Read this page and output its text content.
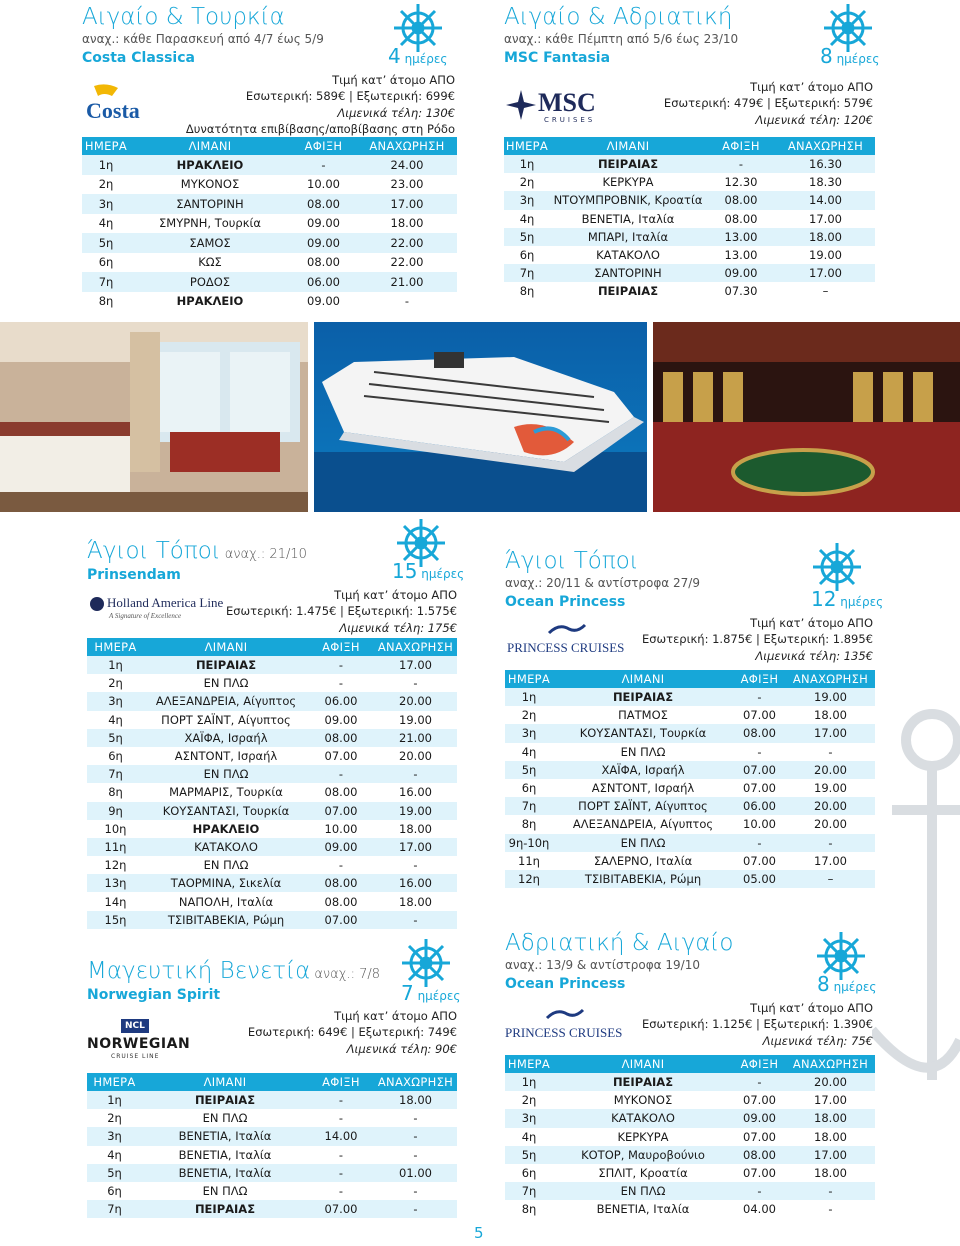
Αιγαίο & Τουρκία
αναχ.: κάθε Παρασκευή από 4/7 έως 5/9
Costa Classica	4 ημέρες
Costa
Τιμή κατ’ άτομο ΑΠΟ
Εσωτερική: 589€ | Εξωτερική: 699€
Λιμενικά τέλη: 130€
Δυνατότητα επιβίβασης/αποβίβασης στη Ρόδο
ΗΜΕΡΑ	ΛΙΜΑΝΙ	ΑΦΙΞΗ	ΑΝΑΧΩΡΗΣΗ
1η	ΗΡΑΚΛΕΙΟ	-	24.00
2η	ΜΥΚΟΝΟΣ	10.00	23.00
3η	ΣΑΝΤΟΡΙΝΗ	08.00	17.00
4η	ΣΜΥΡΝΗ, Τουρκία	09.00	18.00
5η	ΣΑΜΟΣ	09.00	22.00
6η	ΚΩΣ	08.00	22.00
7η	ΡΟΔΟΣ	06.00	21.00
8η	ΗΡΑΚΛΕΙΟ	09.00	-
Αιγαίο & Αδριατική
αναχ.: κάθε Πέμπτη από 5/6 έως 23/10
MSC Fantasia	8 ημέρες
MSC
CRUISES
Τιμή κατ’ άτομο ΑΠΟ
Εσωτερική: 479€ | Εξωτερική: 579€
Λιμενικά τέλη: 120€
ΗΜΕΡΑ	ΛΙΜΑΝΙ	ΑΦΙΞΗ	ΑΝΑΧΩΡΗΣΗ
1η	ΠΕΙΡΑΙΑΣ	-	16.30
2η	ΚΕΡΚΥΡΑ	12.30	18.30
3η	ΝΤΟΥΜΠΡΟΒΝΙΚ, Κροατία	08.00	14.00
4η	ΒΕΝΕΤΙΑ, Ιταλία	08.00	17.00
5η	ΜΠΑΡΙ, Ιταλία	13.00	18.00
6η	ΚΑΤΑΚΟΛΟ	13.00	19.00
7η	ΣΑΝΤΟΡΙΝΗ	09.00	17.00
8η	ΠΕΙΡΑΙΑΣ	07.30	–
Άγιοι Τόποι αναχ.: 21/10
Prinsendam	15 ημέρες
Holland America Line
A Signature of Excellence
Τιμή κατ’ άτομο ΑΠΟ
Εσωτερική: 1.475€ | Εξωτερική: 1.575€
Λιμενικά τέλη: 175€
ΗΜΕΡΑ	ΛΙΜΑΝΙ	ΑΦΙΞΗ	ΑΝΑΧΩΡΗΣΗ
1η	ΠΕΙΡΑΙΑΣ	-	17.00
2η	ΕΝ ΠΛΩ	-	-
3η	ΑΛΕΞΑΝΔΡΕΙΑ, Αίγυπτος	06.00	20.00
4η	ΠΟΡΤ ΣΑΪΝΤ, Αίγυπτος	09.00	19.00
5η	ΧΑΪΦΑ, Ισραήλ	08.00	21.00
6η	ΑΣΝΤΟΝΤ, Ισραήλ	07.00	20.00
7η	ΕΝ ΠΛΩ	-	-
8η	ΜΑΡΜΑΡΙΣ, Τουρκία	08.00	16.00
9η	ΚΟΥΣΑΝΤΑΣΙ, Τουρκία	07.00	19.00
10η	ΗΡΑΚΛΕΙΟ	10.00	18.00
11η	ΚΑΤΑΚΟΛΟ	09.00	17.00
12η	ΕΝ ΠΛΩ	-	-
13η	ΤΑΟΡΜΙΝΑ, Σικελία	08.00	16.00
14η	ΝΑΠΟΛΗ, Ιταλία	08.00	18.00
15η	ΤΣΙΒΙΤΑΒΕΚΙΑ, Ρώμη	07.00	-
Άγιοι Τόποι
αναχ.: 20/11 & αντίστροφα 27/9
Ocean Princess	12 ημέρες
PRINCESS CRUISES
Τιμή κατ’ άτομο ΑΠΟ
Εσωτερική: 1.875€ | Εξωτερική: 1.895€
Λιμενικά τέλη: 135€
ΗΜΕΡΑ	ΛΙΜΑΝΙ	ΑΦΙΞΗ	ΑΝΑΧΩΡΗΣΗ
1η	ΠΕΙΡΑΙΑΣ	-	19.00
2η	ΠΑΤΜΟΣ	07.00	18.00
3η	ΚΟΥΣΑΝΤΑΣΙ, Τουρκία	08.00	17.00
4η	ΕΝ ΠΛΩ	-	-
5η	ΧΑΪΦΑ, Ισραήλ	07.00	20.00
6η	ΑΣΝΤΟΝΤ, Ισραήλ	07.00	19.00
7η	ΠΟΡΤ ΣΑΪΝΤ, Αίγυπτος	06.00	20.00
8η	ΑΛΕΞΑΝΔΡΕΙΑ, Αίγυπτος	10.00	20.00
9η-10η	ΕΝ ΠΛΩ	-	-
11η	ΣΑΛΕΡΝΟ, Ιταλία	07.00	17.00
12η	ΤΣΙΒΙΤΑΒΕΚΙΑ, Ρώμη	05.00	–
Μαγευτική Βενετία αναχ.: 7/8
Norwegian Spirit	7 ημέρες
NCL
NORWEGIAN
CRUISE LINE
Τιμή κατ’ άτομο ΑΠΟ
Εσωτερική: 649€ | Εξωτερική: 749€
Λιμενικά τέλη: 90€
ΗΜΕΡΑ	ΛΙΜΑΝΙ	ΑΦΙΞΗ	ΑΝΑΧΩΡΗΣΗ
1η	ΠΕΙΡΑΙΑΣ	-	18.00
2η	ΕΝ ΠΛΩ	-	-
3η	ΒΕΝΕΤΙΑ, Ιταλία	14.00	-
4η	ΒΕΝΕΤΙΑ, Ιταλία	-	-
5η	ΒΕΝΕΤΙΑ, Ιταλία	-	01.00
6η	ΕΝ ΠΛΩ	-	-
7η	ΠΕΙΡΑΙΑΣ	07.00	-
Αδριατική & Αιγαίο
αναχ.: 13/9 & αντίστροφα 19/10
Ocean Princess	8 ημέρες
PRINCESS CRUISES
Τιμή κατ’ άτομο ΑΠΟ
Εσωτερική: 1.125€ | Εξωτερική: 1.390€
Λιμενικά τέλη: 75€
ΗΜΕΡΑ	ΛΙΜΑΝΙ	ΑΦΙΞΗ	ΑΝΑΧΩΡΗΣΗ
1η	ΠΕΙΡΑΙΑΣ	-	20.00
2η	ΜΥΚΟΝΟΣ	07.00	17.00
3η	ΚΑΤΑΚΟΛΟ	09.00	18.00
4η	ΚΕΡΚΥΡΑ	07.00	18.00
5η	ΚΟΤΟΡ, Μαυροβούνιο	08.00	17.00
6η	ΣΠΛΙΤ, Κροατία	07.00	18.00
7η	ΕΝ ΠΛΩ	-	-
8η	ΒΕΝΕΤΙΑ, Ιταλία	04.00	-
5
